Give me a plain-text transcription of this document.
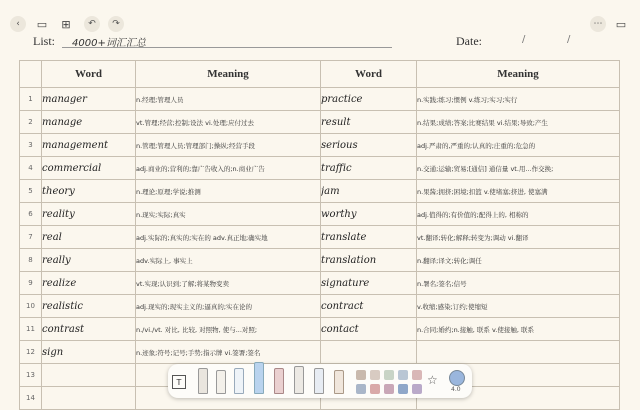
‹	▭	⊞	↶	↷	⋯	▭
List: 4000+词汇汇总	Date:	/	/
	Word	Meaning	Word	Meaning
1	manager	n.经理;管理人员	practice	n.实践;练习;惯例 v.练习;实习;实行
2	manage	vt.管理;经营;控制;设法 vi.处理;应付过去	result	n.结果;成绩;答案;比赛结果 vi.结果;导致;产生
3	management	n.管理;管理人员;管理部门;操纵;经营手段	serious	adj.严肃的,严重的;认真的;庄重的;危急的
4	commercial	adj.商业的;营利的;靠广告收入的;n.商业广告	traffic	n.交通;运输;贸易;[通信] 通信量 vt.用...作交换;
5	theory	n.理论;原理;学说;推测	jam	n.果酱;拥挤;困境;扣篮 v.使堵塞;挤进, 使塞满
6	reality	n.现实;实际;真实	worthy	adj.值得的;有价值的;配得上的, 相称的
7	real	adj.实际的;真实的;实在的 adv.真正地;确实地	translate	vt.翻译;转化;解释;转变为;调动 vi.翻译
8	really	adv.实际上, 事实上	translation	n.翻译;译文;转化;调任
9	realize	vt.实现;认识到;了解;将某物变卖	signature	n.署名;签名;信号
10	realistic	adj.现实的;现实主义的;逼真的;实在论的	contract	v.收缩;感染;订约;使缩短
11	contrast	n./vi./vt. 对比, 比较, 对照物, 使与...对照;	contact	n.合同;婚约;n.接触, 联系 v.使接触, 联系
12	sign	n.迹象;符号;记号;手势;指示牌 vi.签署;签名		
13				
14				
T	☆
4.0
